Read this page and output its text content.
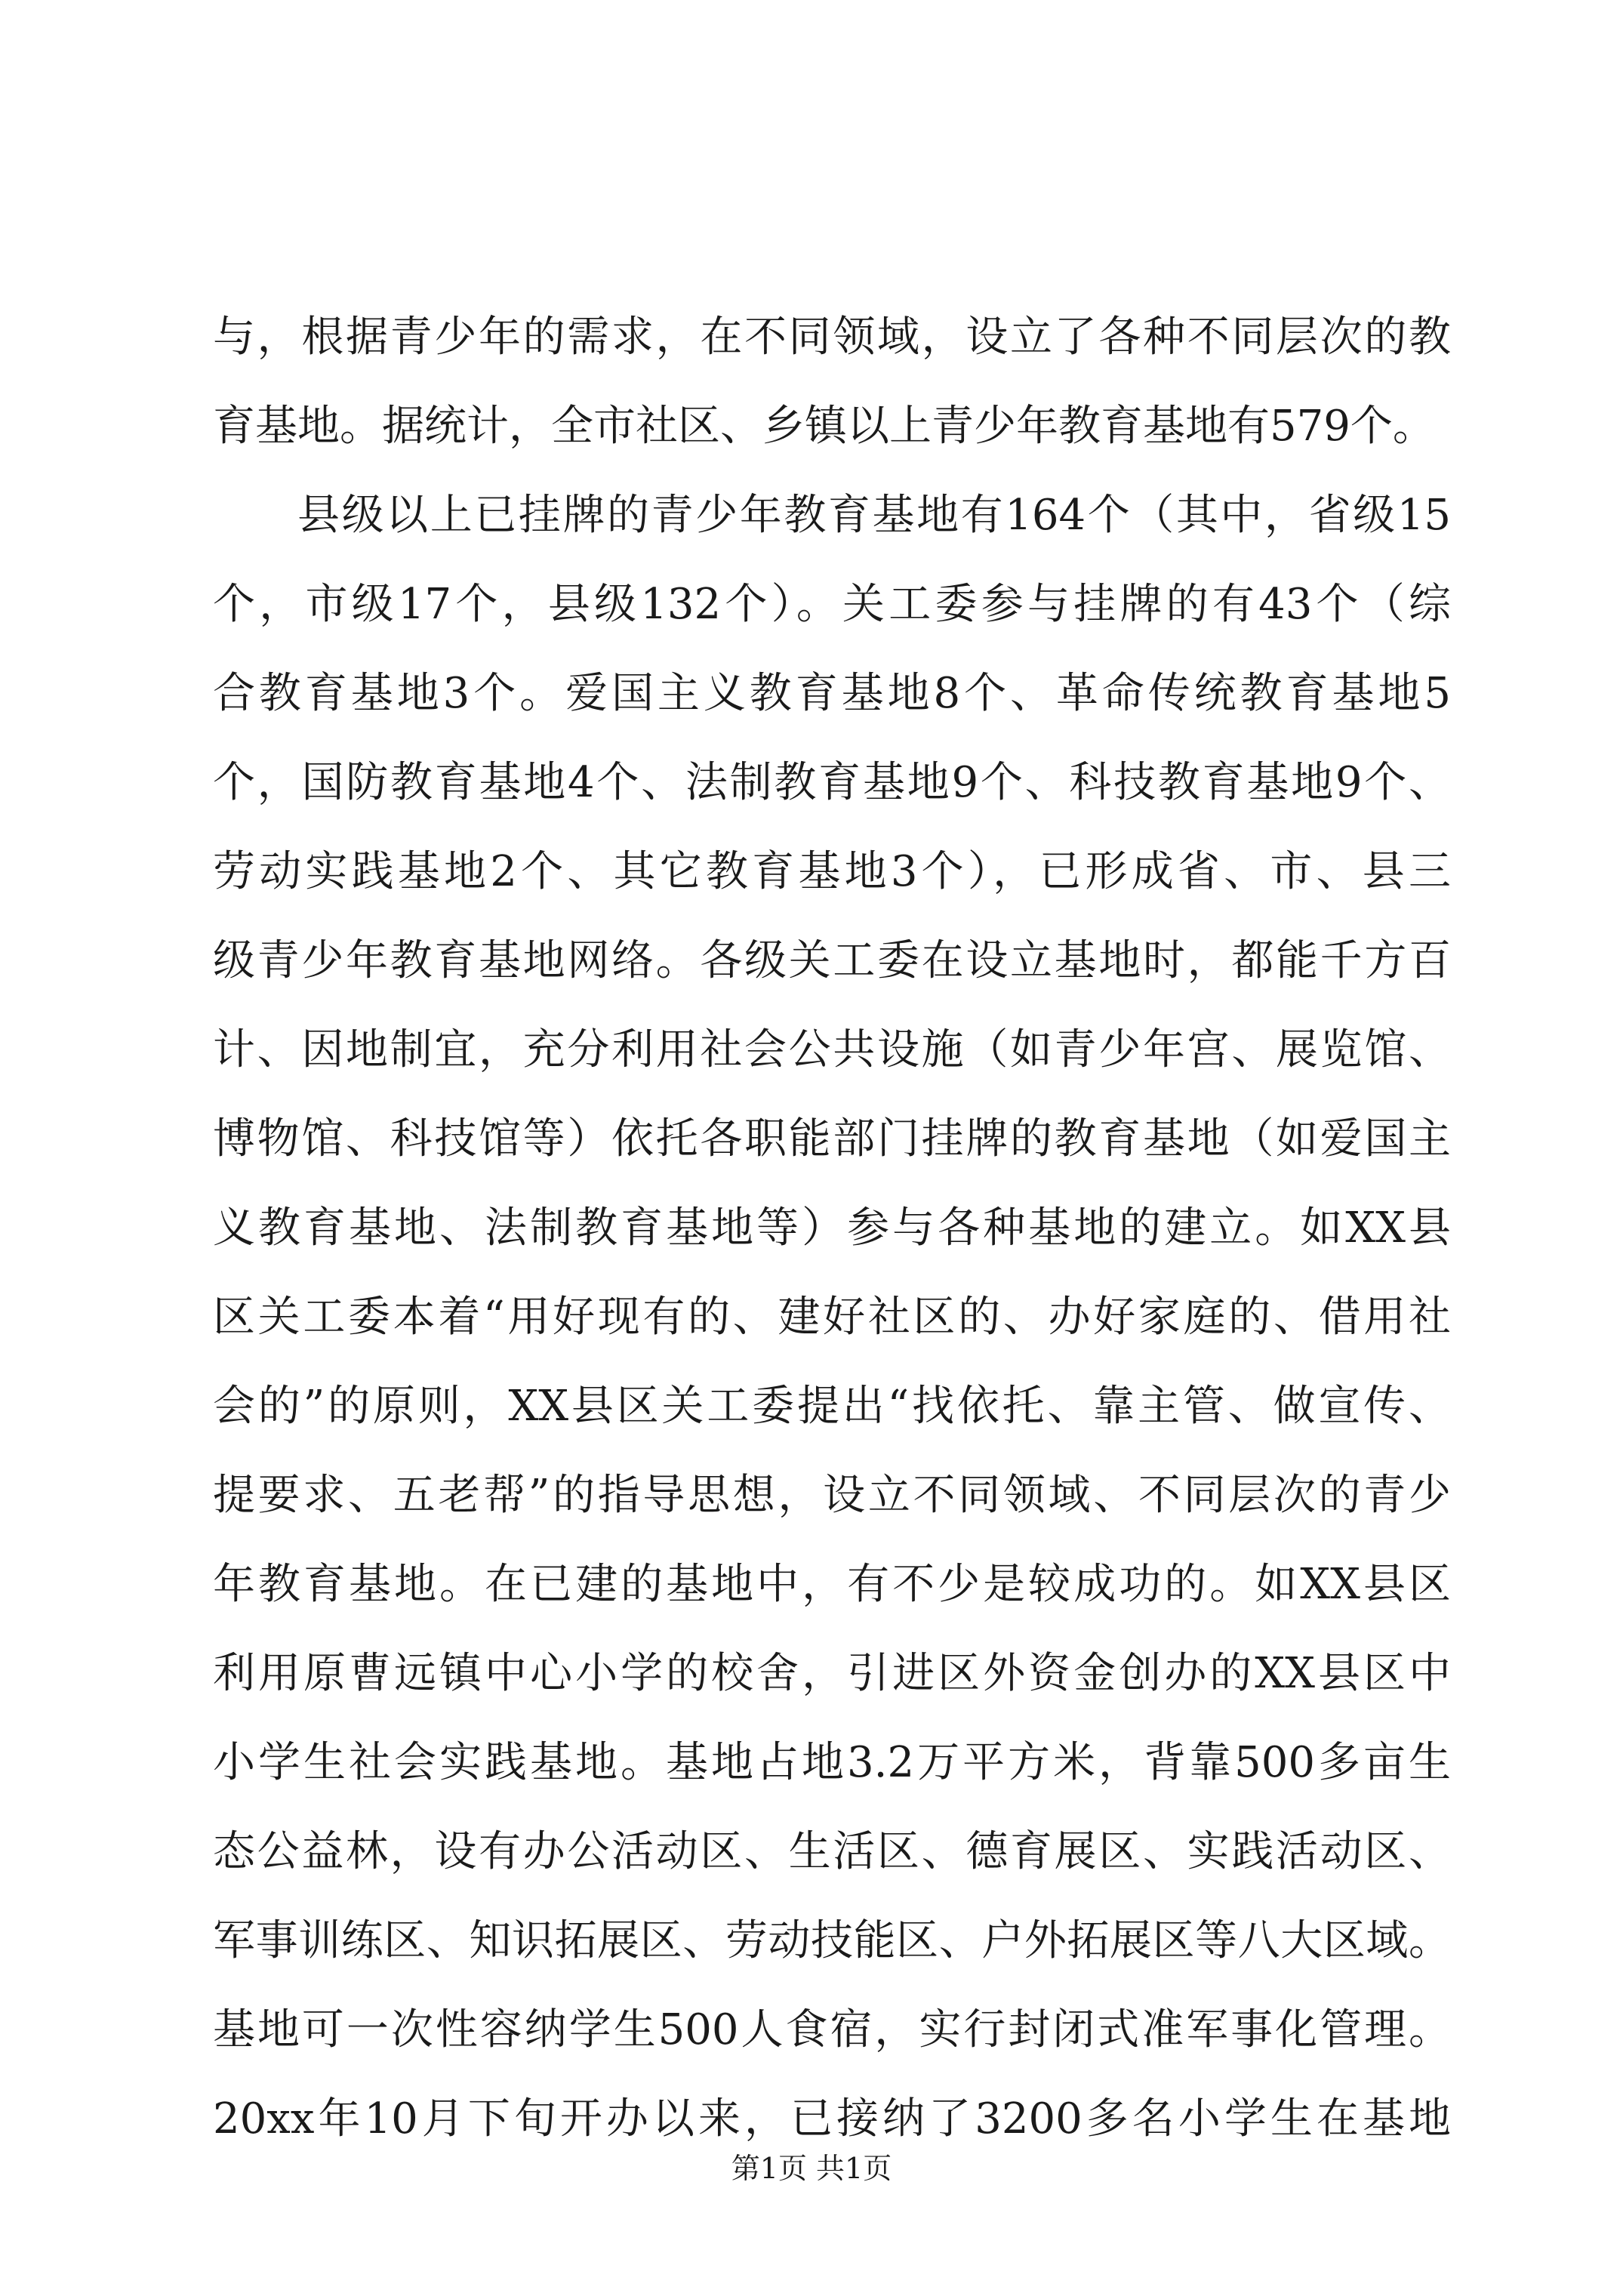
与，根据青少年的需求，在不同领域，设立了各种不同层次的教
育基地。据统计，全市社区、乡镇以上青少年教育基地有579个。
县级以上已挂牌的青少年教育基地有164个（其中，省级15
个，市级17个，县级132个）。关工委参与挂牌的有43个（综
合教育基地3个。爱国主义教育基地8个、革命传统教育基地5
个，国防教育基地4个、法制教育基地9个、科技教育基地9个、
劳动实践基地2个、其它教育基地3个），已形成省、市、县三
级青少年教育基地网络。各级关工委在设立基地时，都能千方百
计、因地制宜，充分利用社会公共设施（如青少年宫、展览馆、
博物馆、科技馆等）依托各职能部门挂牌的教育基地（如爱国主
义教育基地、法制教育基地等）参与各种基地的建立。如XX县
区关工委本着“用好现有的、建好社区的、办好家庭的、借用社
会的”的原则，XX县区关工委提出“找依托、靠主管、做宣传、
提要求、五老帮”的指导思想，设立不同领域、不同层次的青少
年教育基地。在已建的基地中，有不少是较成功的。如XX县区
利用原曹远镇中心小学的校舍，引进区外资金创办的XX县区中
小学生社会实践基地。基地占地3.2万平方米，背靠500多亩生
态公益林，设有办公活动区、生活区、德育展区、实践活动区、
军事训练区、知识拓展区、劳动技能区、户外拓展区等八大区域。
基地可一次性容纳学生500人食宿，实行封闭式准军事化管理。
20xx年10月下旬开办以来，已接纳了3200多名小学生在基地
第1页 共1页
